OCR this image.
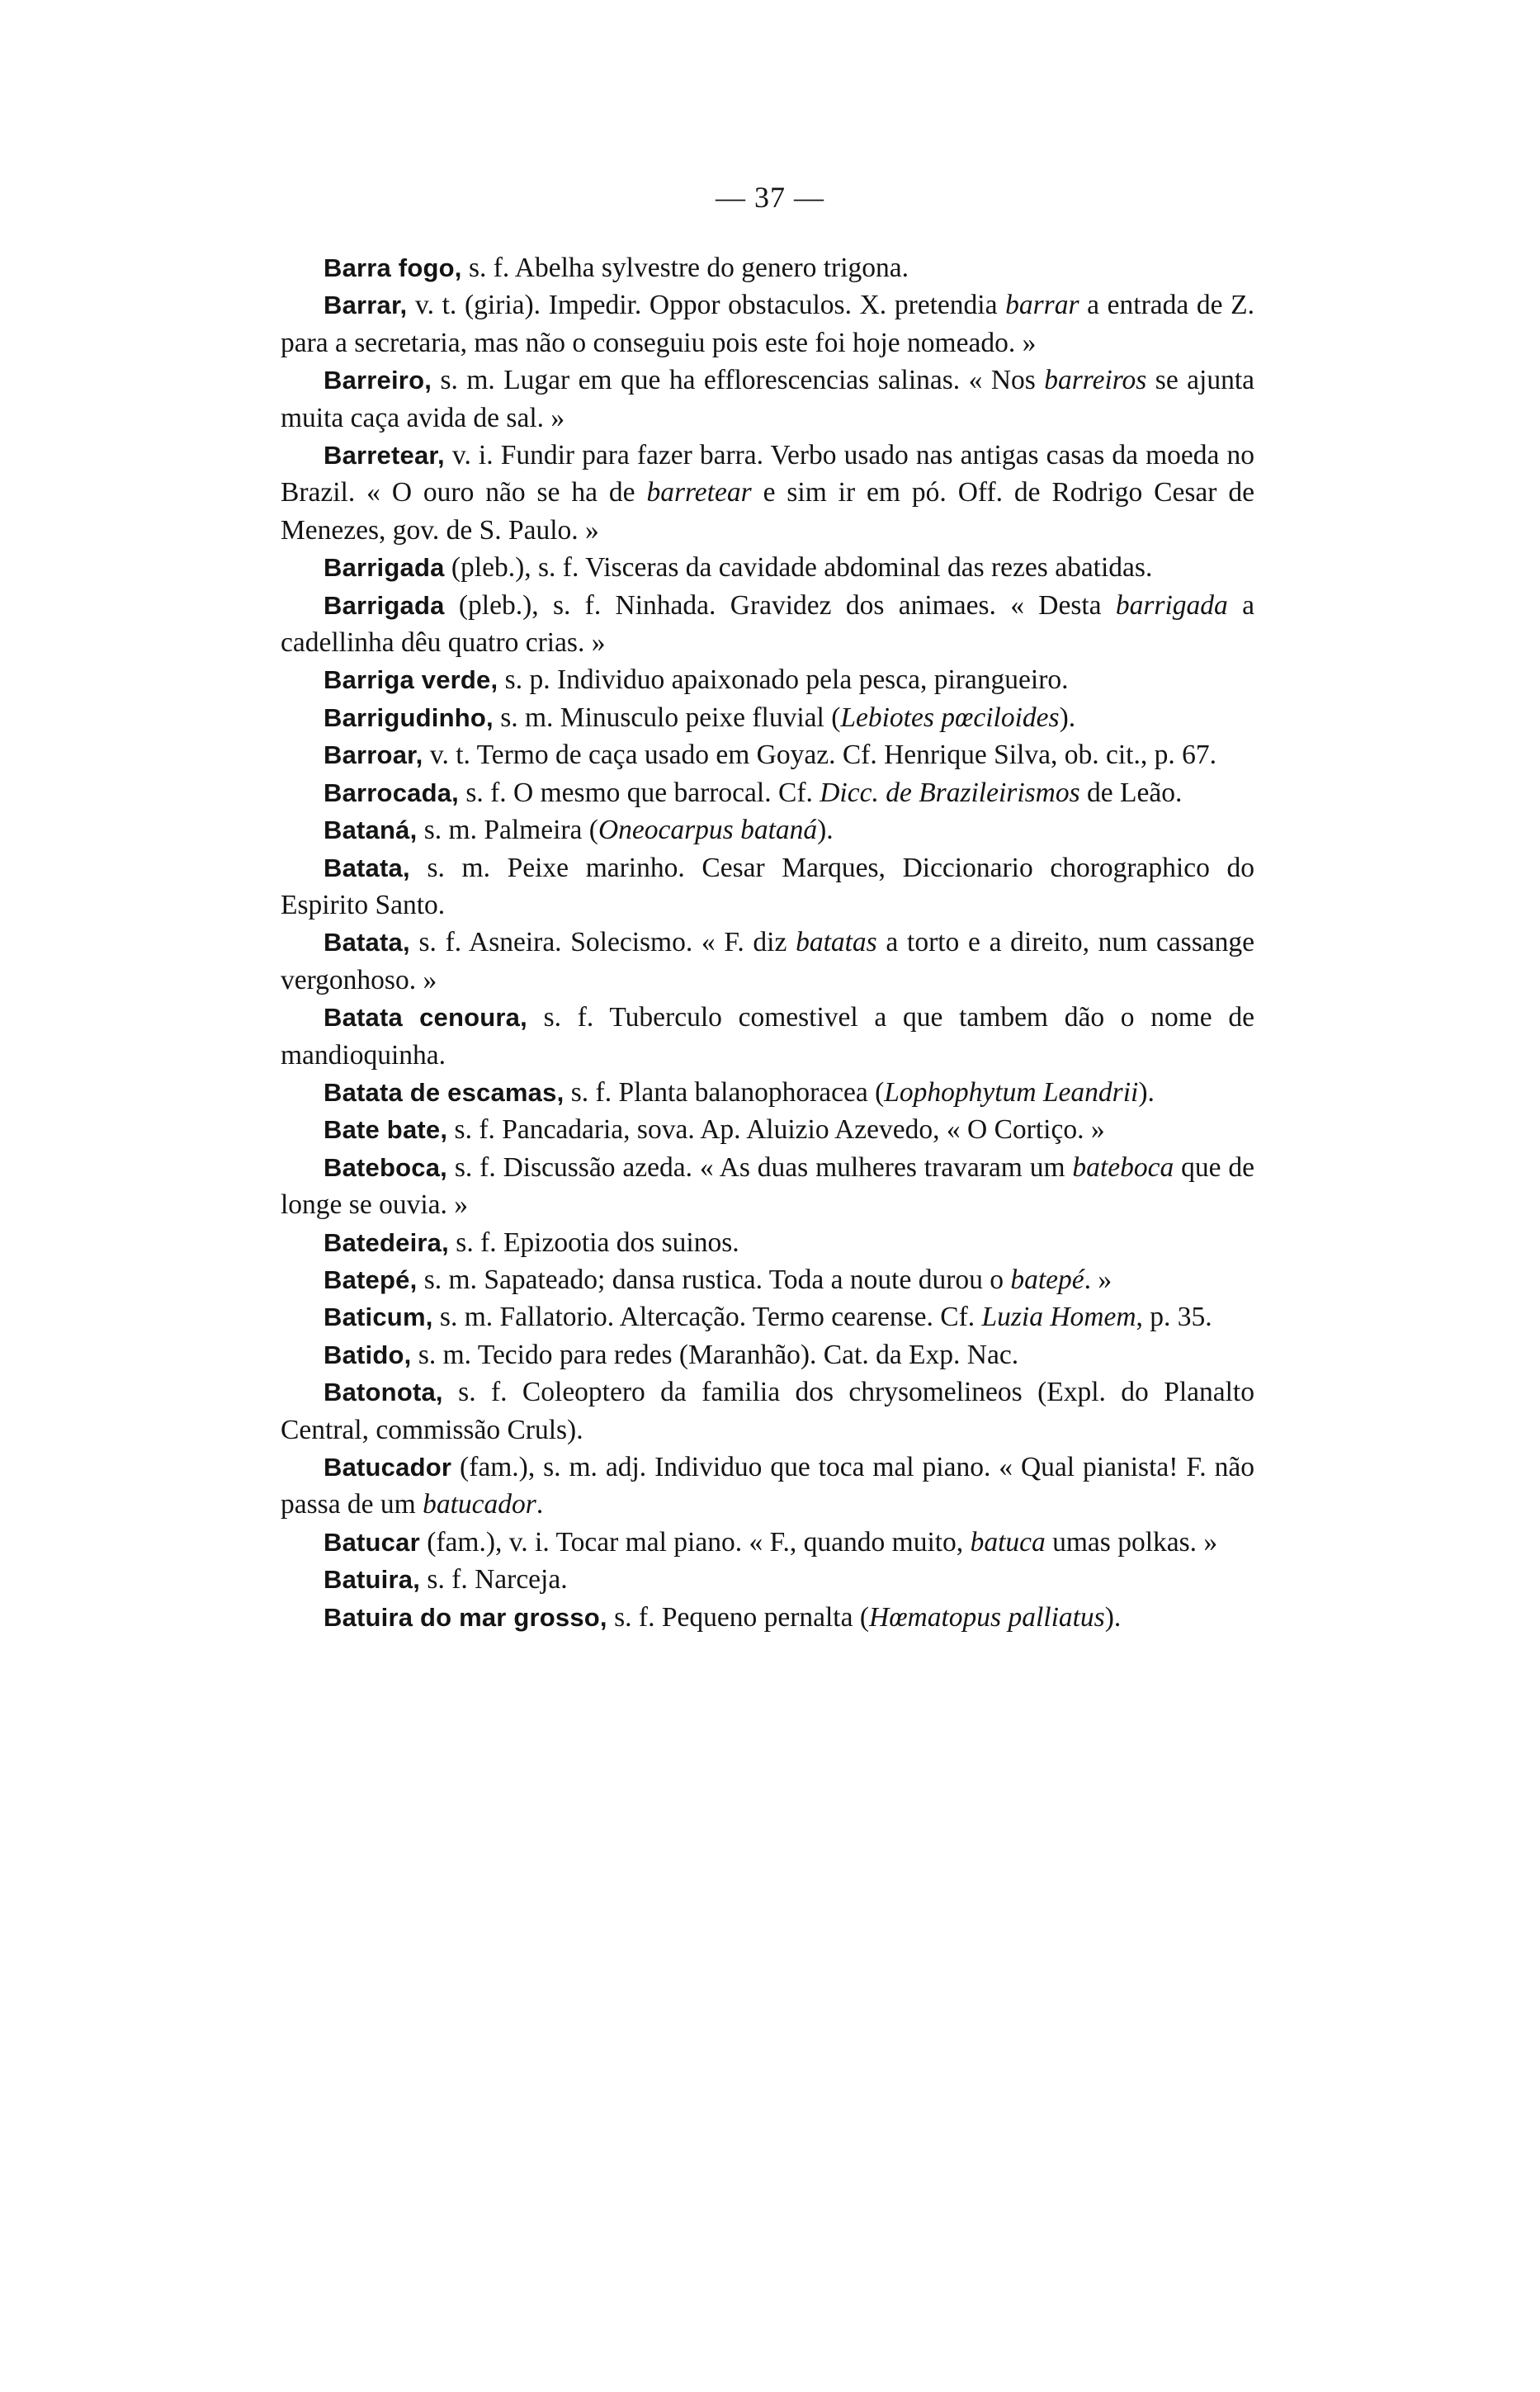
— 37 —

Barra fogo, s. f. Abelha sylvestre do genero trigona.

Barrar, v. t. (giria). Impedir. Oppor obstaculos. X. pretendia barrar a entrada de Z. para a secretaria, mas não o conseguiu pois este foi hoje nomeado. »

Barreiro, s. m. Lugar em que ha efflorescencias salinas. « Nos barreiros se ajunta muita caça avida de sal. »

Barretear, v. i. Fundir para fazer barra. Verbo usado nas antigas casas da moeda no Brazil. « O ouro não se ha de barretear e sim ir em pó. Off. de Rodrigo Cesar de Menezes, gov. de S. Paulo. »

Barrigada (pleb.), s. f. Visceras da cavidade abdominal das rezes abatidas.

Barrigada (pleb.), s. f. Ninhada. Gravidez dos animaes. « Desta barrigada a cadellinha dêu quatro crias. »

Barriga verde, s. p. Individuo apaixonado pela pesca, pirangueiro.

Barrigudinho, s. m. Minusculo peixe fluvial (Lebiotes pœciloides).

Barroar, v. t. Termo de caça usado em Goyaz. Cf. Henrique Silva, ob. cit., p. 67.

Barrocada, s. f. O mesmo que barrocal. Cf. Dicc. de Brazileirismos de Leão.

Bataná, s. m. Palmeira (Oneocarpus bataná).

Batata, s. m. Peixe marinho. Cesar Marques, Diccionario chorographico do Espirito Santo.

Batata, s. f. Asneira. Solecismo. « F. diz batatas a torto e a direito, num cassange vergonhoso. »

Batata cenoura, s. f. Tuberculo comestivel a que tambem dão o nome de mandioquinha.

Batata de escamas, s. f. Planta balanophoracea (Lophophytum Leandrii).

Bate bate, s. f. Pancadaria, sova. Ap. Aluizio Azevedo, « O Cortiço. »

Bateboca, s. f. Discussão azeda. « As duas mulheres travaram um bateboca que de longe se ouvia. »

Batedeira, s. f. Epizootia dos suinos.

Batepé, s. m. Sapateado; dansa rustica. Toda a noute durou o batepé. »

Baticum, s. m. Fallatorio. Altercação. Termo cearense. Cf. Luzia Homem, p. 35.

Batido, s. m. Tecido para redes (Maranhão). Cat. da Exp. Nac.

Batonota, s. f. Coleoptero da familia dos chrysomelineos (Expl. do Planalto Central, commissão Cruls).

Batucador (fam.), s. m. adj. Individuo que toca mal piano. « Qual pianista! F. não passa de um batucador.

Batucar (fam.), v. i. Tocar mal piano. « F., quando muito, batuca umas polkas. »

Batuira, s. f. Narceja.

Batuira do mar grosso, s. f. Pequeno pernalta (Hœmatopus palliatus).
